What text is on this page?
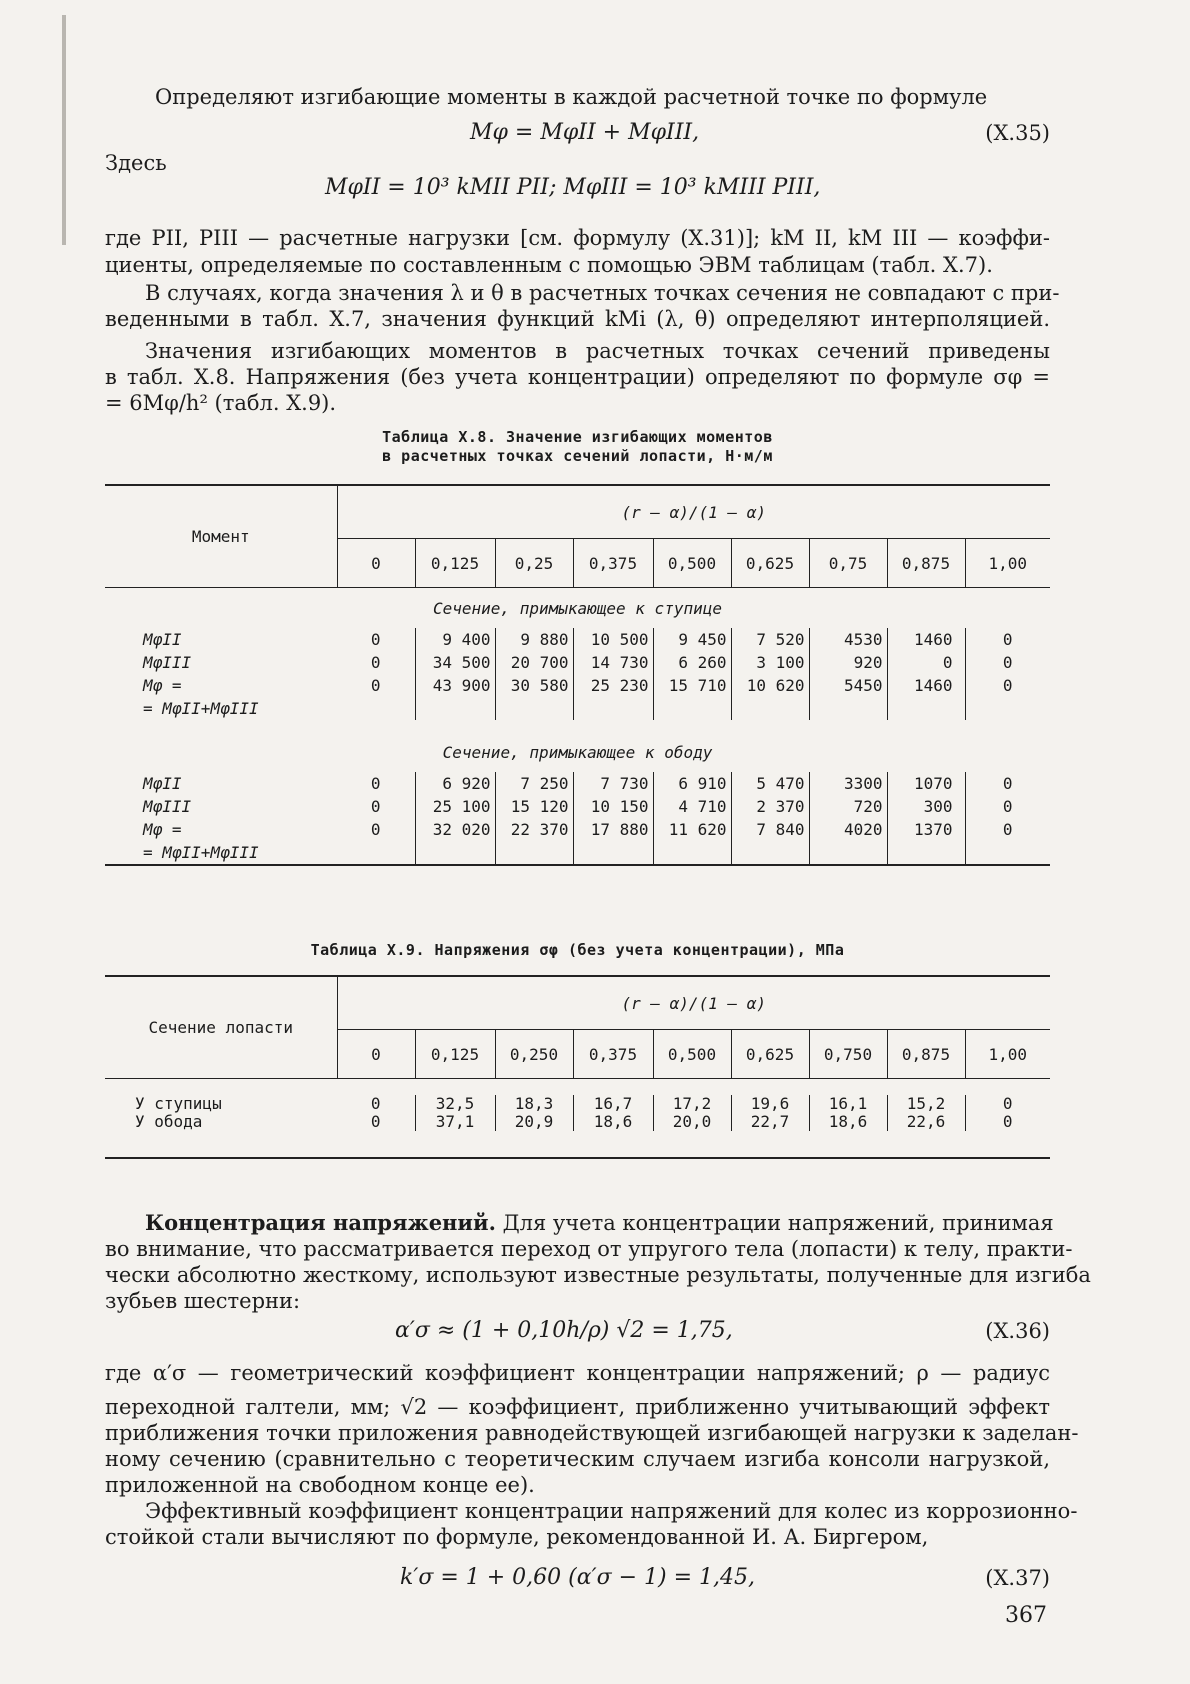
Определяют изгибающие моменты в каждой расчетной точке по формуле
Mφ = MφII + MφIII,	(X.35)
Здесь
MφII = 10³ kMII PII; MφIII = 10³ kMIII PIII,
где PII, PIII — расчетные нагрузки [см. формулу (X.31)]; kM II, kM III — коэффи-
циенты, определяемые по составленным с помощью ЭВМ таблицам (табл. X.7).
В случаях, когда значения λ и θ в расчетных точках сечения не совпадают с при-
веденными в табл. X.7, значения функций kMi (λ, θ) определяют интерполяцией.
Значения изгибающих моментов в расчетных точках сечений приведены
в табл. X.8. Напряжения (без учета концентрации) определяют по формуле σφ =
= 6Mφ/h² (табл. X.9).
Таблица X.8. Значение изгибающих моментов
в расчетных точках сечений лопасти, Н·м/м
Момент	(r — α)/(1 — α)								
	0	0,125	0,25	0,375	0,500	0,625	0,75	0,875	1,00
Сечение, примыкающее к ступице									
MφII	0	9 400	9 880	10 500	9 450	7 520	4530	1460	0
MφIII	0	34 500	20 700	14 730	6 260	3 100	920	0	0
Mφ =	0	43 900	30 580	25 230	15 710	10 620	5450	1460	0
= MφII+MφIII									

Сечение, примыкающее к ободу									
MφII	0	6 920	7 250	7 730	6 910	5 470	3300	1070	0
MφIII	0	25 100	15 120	10 150	4 710	2 370	720	300	0
Mφ =	0	32 020	22 370	17 880	11 620	7 840	4020	1370	0
= MφII+MφIII									
Таблица X.9. Напряжения σφ (без учета концентрации), МПа
Сечение лопасти	(r — α)/(1 — α)								
	0	0,125	0,250	0,375	0,500	0,625	0,750	0,875	1,00

У ступицы	0	32,5	18,3	16,7	17,2	19,6	16,1	15,2	0
У обода	0	37,1	20,9	18,6	20,0	22,7	18,6	22,6	0

Концентрация напряжений. Для учета концентрации напряжений, принимая
во внимание, что рассматривается переход от упругого тела (лопасти) к телу, практи-
чески абсолютно жесткому, используют известные результаты, полученные для изгиба
зубьев шестерни:
α′σ ≈ (1 + 0,10h/ρ) √2 = 1,75,	(X.36)
где α′σ — геометрический коэффициент концентрации напряжений; ρ — радиус
переходной галтели, мм; √2 — коэффициент, приближенно учитывающий эффект
приближения точки приложения равнодействующей изгибающей нагрузки к заделан-
ному сечению (сравнительно с теоретическим случаем изгиба консоли нагрузкой,
приложенной на свободном конце ее).
Эффективный коэффициент концентрации напряжений для колес из коррозионно-
стойкой стали вычисляют по формуле, рекомендованной И. А. Биргером,
k′σ = 1 + 0,60 (α′σ − 1) = 1,45,	(X.37)
367
